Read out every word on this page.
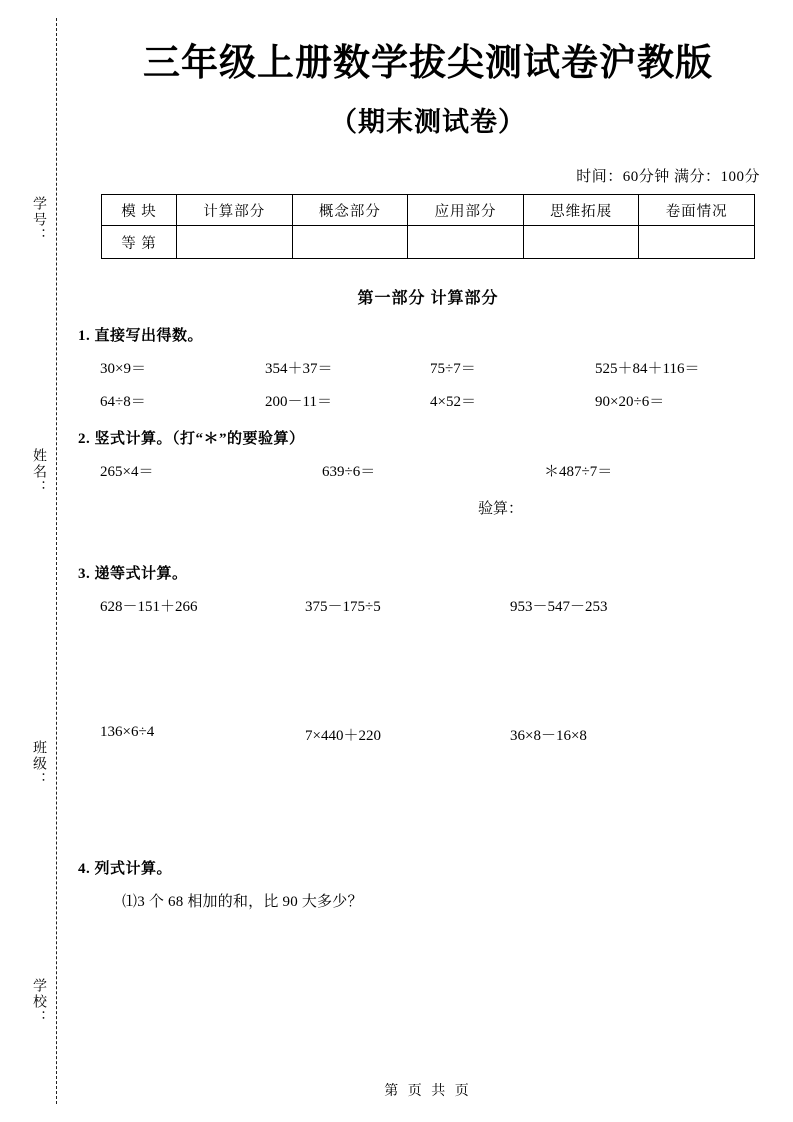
学号：
姓名：
班级：
学校：
三年级上册数学拔尖测试卷沪教版
（期末测试卷）
时间：60分钟 满分：100分
模 块	计算部分	概念部分	应用部分	思维拓展	卷面情况
等 第					
第一部分 计算部分
1. 直接写出得数。
30×9＝	354＋37＝	75÷7＝	525＋84＋116＝
64÷8＝	200－11＝	4×52＝	90×20÷6＝
2. 竖式计算。（打“＊”的要验算）
265×4＝	639÷6＝	＊487÷7＝
验算：
3. 递等式计算。
628－151＋266	375－175÷5	953－547－253
136×6÷4	7×440＋220	36×8－16×8
4. 列式计算。
⑴3 个 68 相加的和，比 90 大多少？
第 页 共 页
